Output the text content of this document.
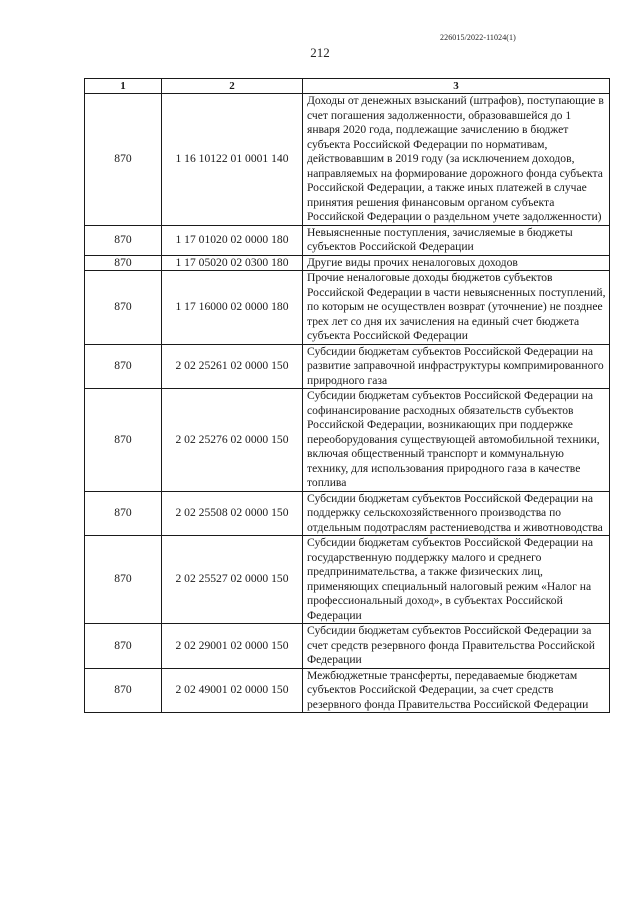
226015/2022-11024(1)
212
1	2	3
870	1 16 10122 01 0001 140	Доходы от денежных взысканий (штрафов), поступающие в счет погашения задолженности, образовавшейся до 1 января 2020 года, подлежащие зачислению в бюджет субъекта Российской Федерации по нормативам, действовавшим в 2019 году (за исключением доходов, направляемых на формирование дорожного фонда субъекта Российской Федерации, а также иных платежей в случае принятия решения финансовым органом субъекта Российской Федерации о раздельном учете задолженности)
870	1 17 01020 02 0000 180	Невыясненные поступления, зачисляемые в бюджеты субъектов Российской Федерации
870	1 17 05020 02 0300 180	Другие виды прочих неналоговых доходов
870	1 17 16000 02 0000 180	Прочие неналоговые доходы бюджетов субъектов Российской Федерации в части невыясненных поступлений, по которым не осуществлен возврат (уточнение) не позднее трех лет со дня их зачисления на единый счет бюджета субъекта Российской Федерации
870	2 02 25261 02 0000 150	Субсидии бюджетам субъектов Российской Федерации на развитие заправочной инфраструктуры компримированного природного газа
870	2 02 25276 02 0000 150	Субсидии бюджетам субъектов Российской Федерации на софинансирование расходных обязательств субъектов Российской Федерации, возникающих при поддержке переоборудования существующей автомобильной техники, включая общественный транспорт и коммунальную технику, для использования природного газа в качестве топлива
870	2 02 25508 02 0000 150	Субсидии бюджетам субъектов Российской Федерации на поддержку сельскохозяйственного производства по отдельным подотраслям растениеводства и животноводства
870	2 02 25527 02 0000 150	Субсидии бюджетам субъектов Российской Федерации на государственную поддержку малого и среднего предпринимательства, а также физических лиц, применяющих специальный налоговый режим «Налог на профессиональный доход», в субъектах Российской Федерации
870	2 02 29001 02 0000 150	Субсидии бюджетам субъектов Российской Федерации за счет средств резервного фонда Правительства Российской Федерации
870	2 02 49001 02 0000 150	Межбюджетные трансферты, передаваемые бюджетам субъектов Российской Федерации, за счет средств резервного фонда Правительства Российской Федерации
